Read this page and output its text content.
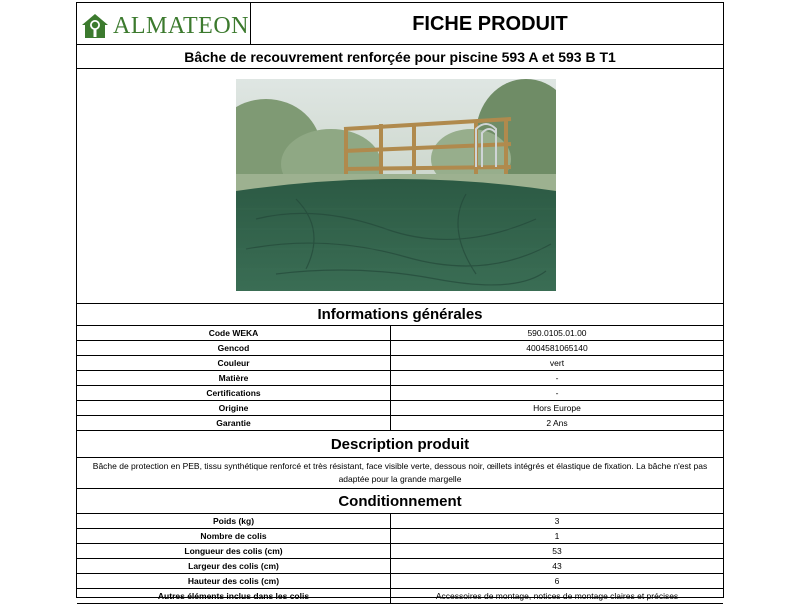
ALMATEON	FICHE PRODUIT
Bâche de recouvrement renforçée pour piscine 593 A et 593 B T1
Informations générales
Code WEKA	590.0105.01.00
Gencod	4004581065140
Couleur	vert
Matière	-
Certifications	-
Origine	Hors Europe
Garantie	2 Ans
Description produit
Bâche de protection en PEB, tissu synthétique renforcé et très résistant, face visible verte, dessous noir, œillets intégrés et élastique de fixation. La bâche n'est pas adaptée pour la grande margelle
Conditionnement
Poids (kg)	3
Nombre de colis	1
Longueur des colis (cm)	53
Largeur des colis (cm)	43
Hauteur des colis (cm)	6
Autres éléments inclus dans les colis	Accessoires de montage, notices de montage claires et précises
